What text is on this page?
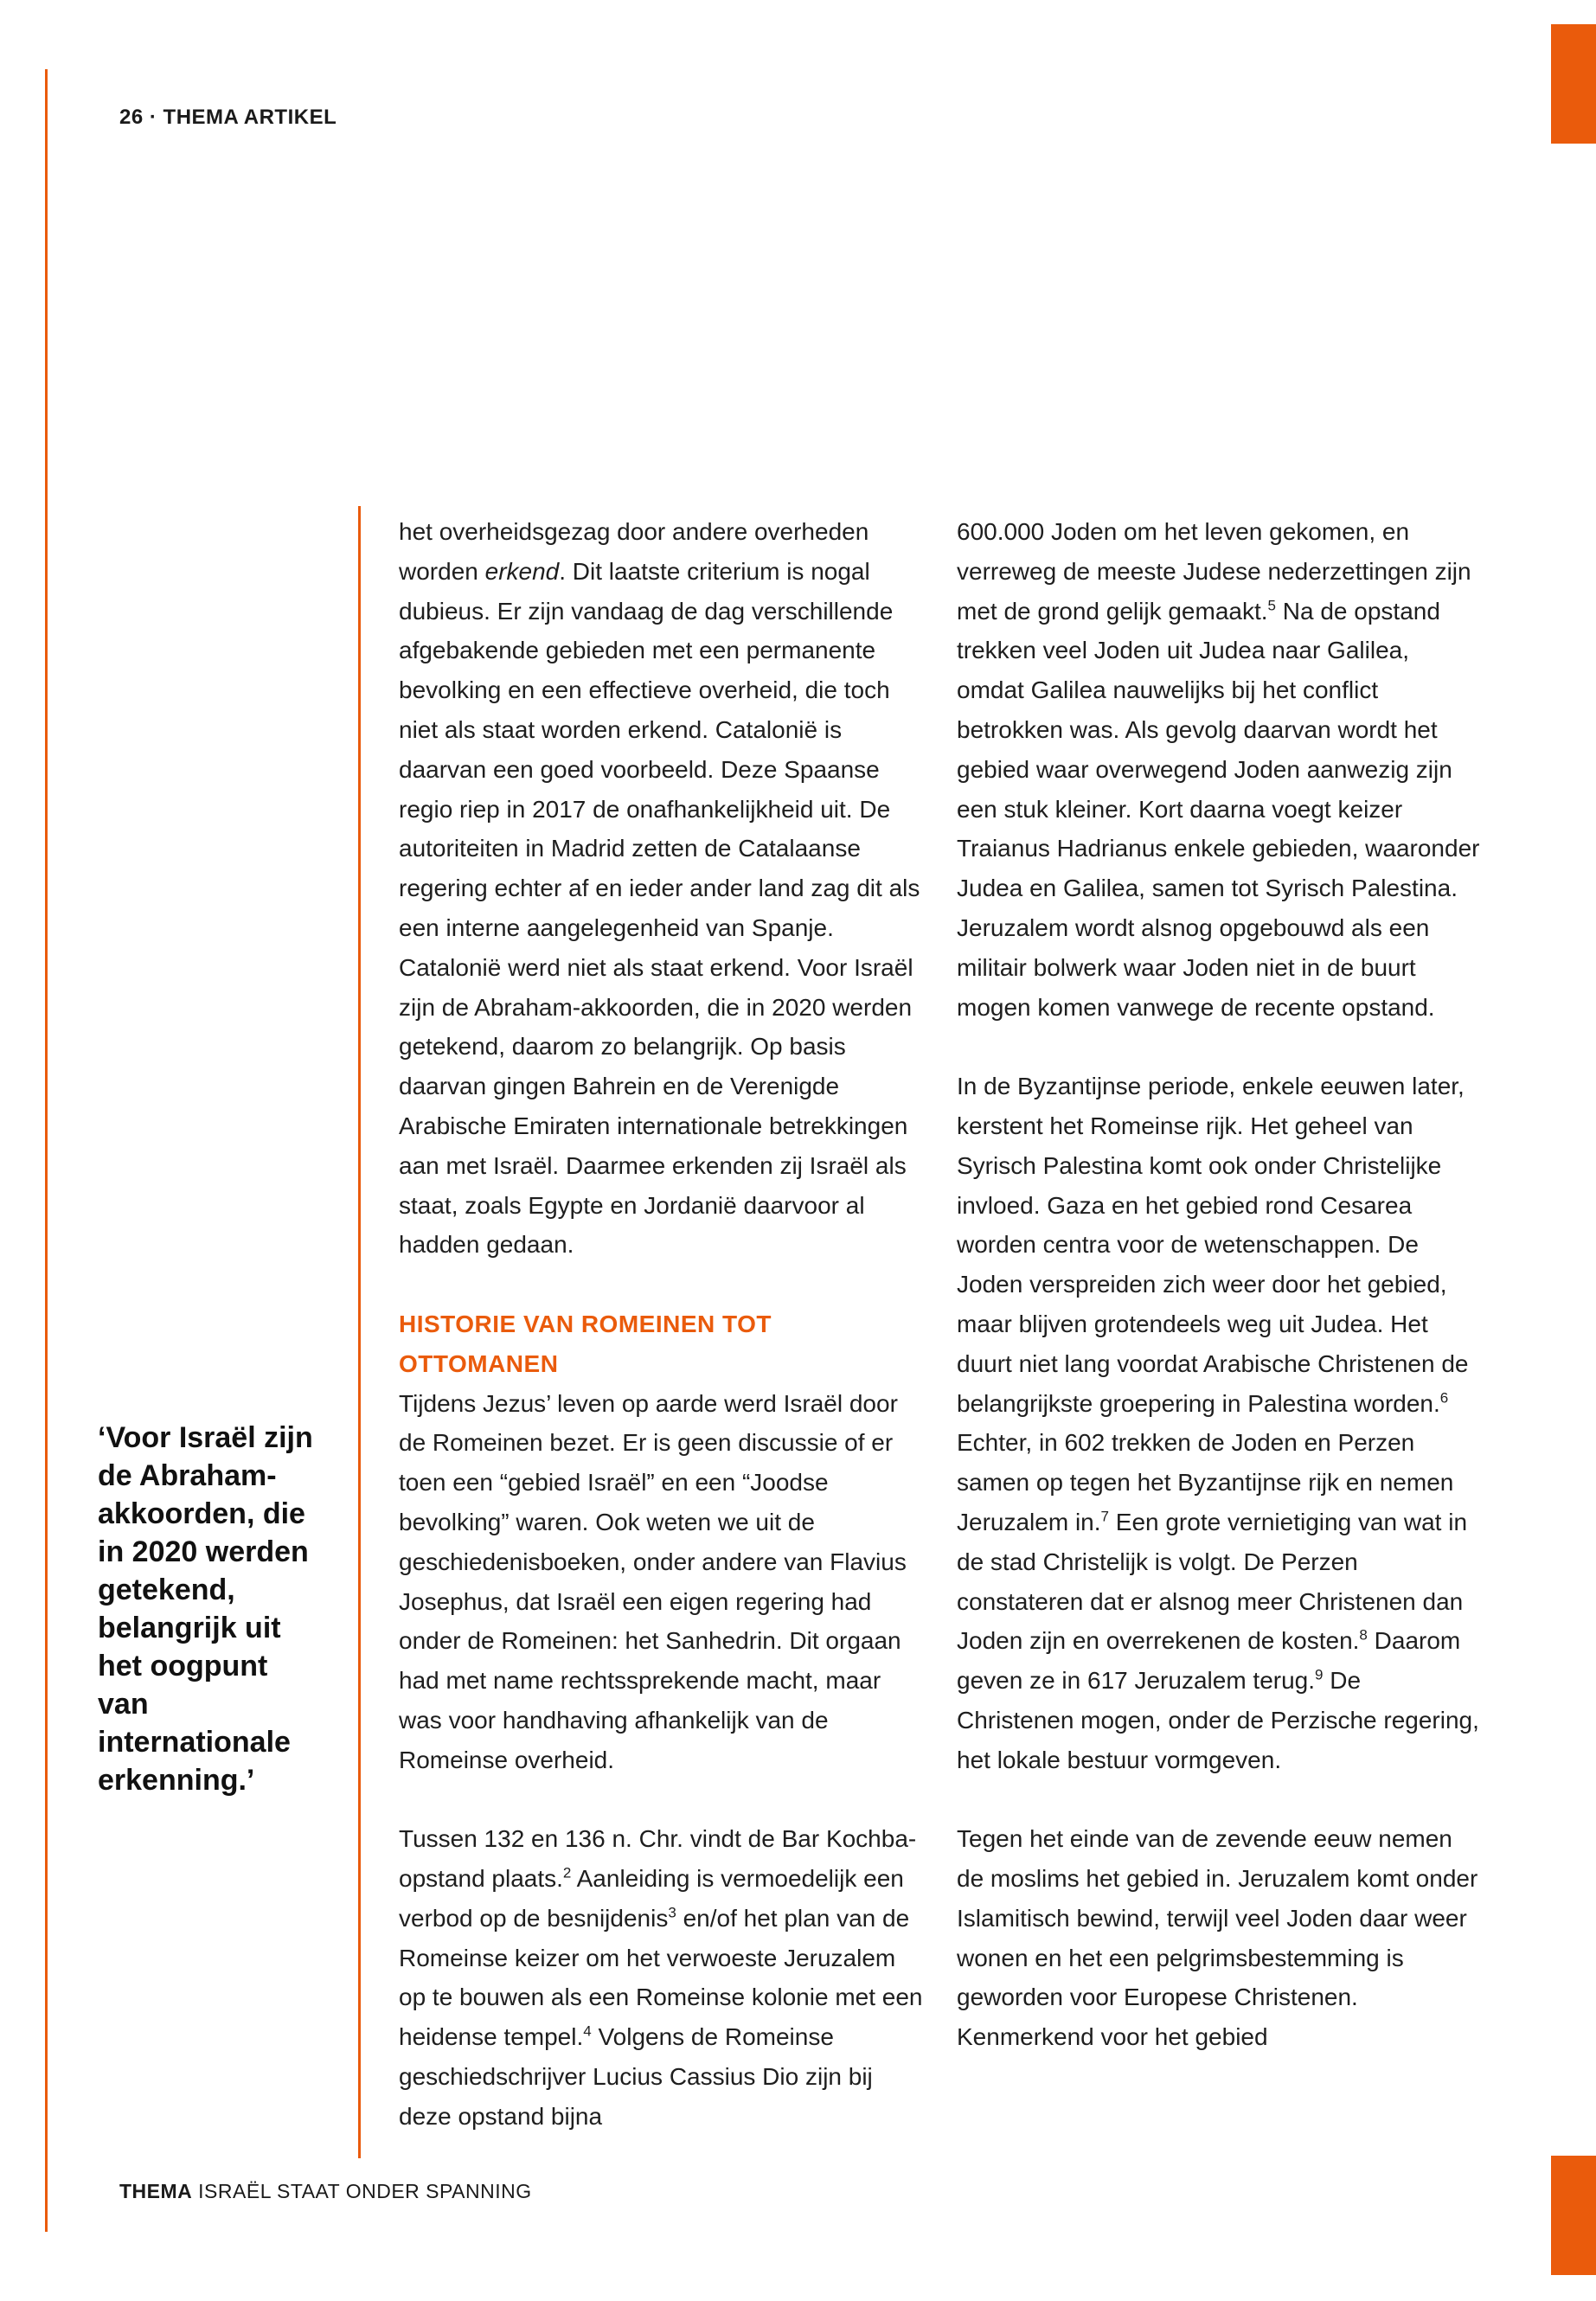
26 · THEMA ARTIKEL
‘Voor Israël zijn de Abraham-akkoorden, die in 2020 werden getekend, belangrijk uit het oogpunt van internationale erkenning.’

het overheidsgezag door andere overheden worden erkend. Dit laatste criterium is nogal dubieus. Er zijn vandaag de dag verschillende afgebakende gebieden met een permanente bevolking en een effectieve overheid, die toch niet als staat worden erkend. Catalonië is daarvan een goed voorbeeld. Deze Spaanse regio riep in 2017 de onafhankelijkheid uit. De autoriteiten in Madrid zetten de Catalaanse regering echter af en ieder ander land zag dit als een interne aangelegenheid van Spanje. Catalonië werd niet als staat erkend. Voor Israël zijn de Abraham-akkoorden, die in 2020 werden getekend, daarom zo belangrijk. Op basis daarvan gingen Bahrein en de Verenigde Arabische Emiraten internationale betrekkingen aan met Israël. Daarmee erkenden zij Israël als staat, zoals Egypte en Jordanië daarvoor al hadden gedaan.

HISTORIE VAN ROMEINEN TOT OTTOMANEN

Tijdens Jezus’ leven op aarde werd Israël door de Romeinen bezet. Er is geen discussie of er toen een “gebied Israël” en een “Joodse bevolking” waren. Ook weten we uit de geschiedenisboeken, onder andere van Flavius Josephus, dat Israël een eigen regering had onder de Romeinen: het Sanhedrin. Dit orgaan had met name rechtssprekende macht, maar was voor handhaving afhankelijk van de Romeinse overheid.

Tussen 132 en 136 n. Chr. vindt de Bar Kochba-opstand plaats.$^2$ Aanleiding is vermoedelijk een verbod op de besnijdenis$^3$ en/of het plan van de Romeinse keizer om het verwoeste Jeruzalem op te bouwen als een Romeinse kolonie met een heidense tempel.$^4$ Volgens de Romeinse geschiedschrijver Lucius Cassius Dio zijn bij deze opstand bijna

600.000 Joden om het leven gekomen, en verreweg de meeste Judese nederzettingen zijn met de grond gelijk gemaakt.$^5$ Na de opstand trekken veel Joden uit Judea naar Galilea, omdat Galilea nauwelijks bij het conflict betrokken was. Als gevolg daarvan wordt het gebied waar overwegend Joden aanwezig zijn een stuk kleiner. Kort daarna voegt keizer Traianus Hadrianus enkele gebieden, waaronder Judea en Galilea, samen tot Syrisch Palestina. Jeruzalem wordt alsnog opgebouwd als een militair bolwerk waar Joden niet in de buurt mogen komen vanwege de recente opstand.

In de Byzantijnse periode, enkele eeuwen later, kerstent het Romeinse rijk. Het geheel van Syrisch Palestina komt ook onder Christelijke invloed. Gaza en het gebied rond Cesarea worden centra voor de wetenschappen. De Joden verspreiden zich weer door het gebied, maar blijven grotendeels weg uit Judea. Het duurt niet lang voordat Arabische Christenen de belangrijkste groepering in Palestina worden.$^6$ Echter, in 602 trekken de Joden en Perzen samen op tegen het Byzantijnse rijk en nemen Jeruzalem in.$^7$ Een grote vernietiging van wat in de stad Christelijk is volgt. De Perzen constateren dat er alsnog meer Christenen dan Joden zijn en overrekenen de kosten.$^8$ Daarom geven ze in 617 Jeruzalem terug.$^9$ De Christenen mogen, onder de Perzische regering, het lokale bestuur vormgeven.

Tegen het einde van de zevende eeuw nemen de moslims het gebied in. Jeruzalem komt onder Islamitisch bewind, terwijl veel Joden daar weer wonen en het een pelgrimsbestemming is geworden voor Europese Christenen. Kenmerkend voor het gebied

THEMA ISRAËL STAAT ONDER SPANNING
